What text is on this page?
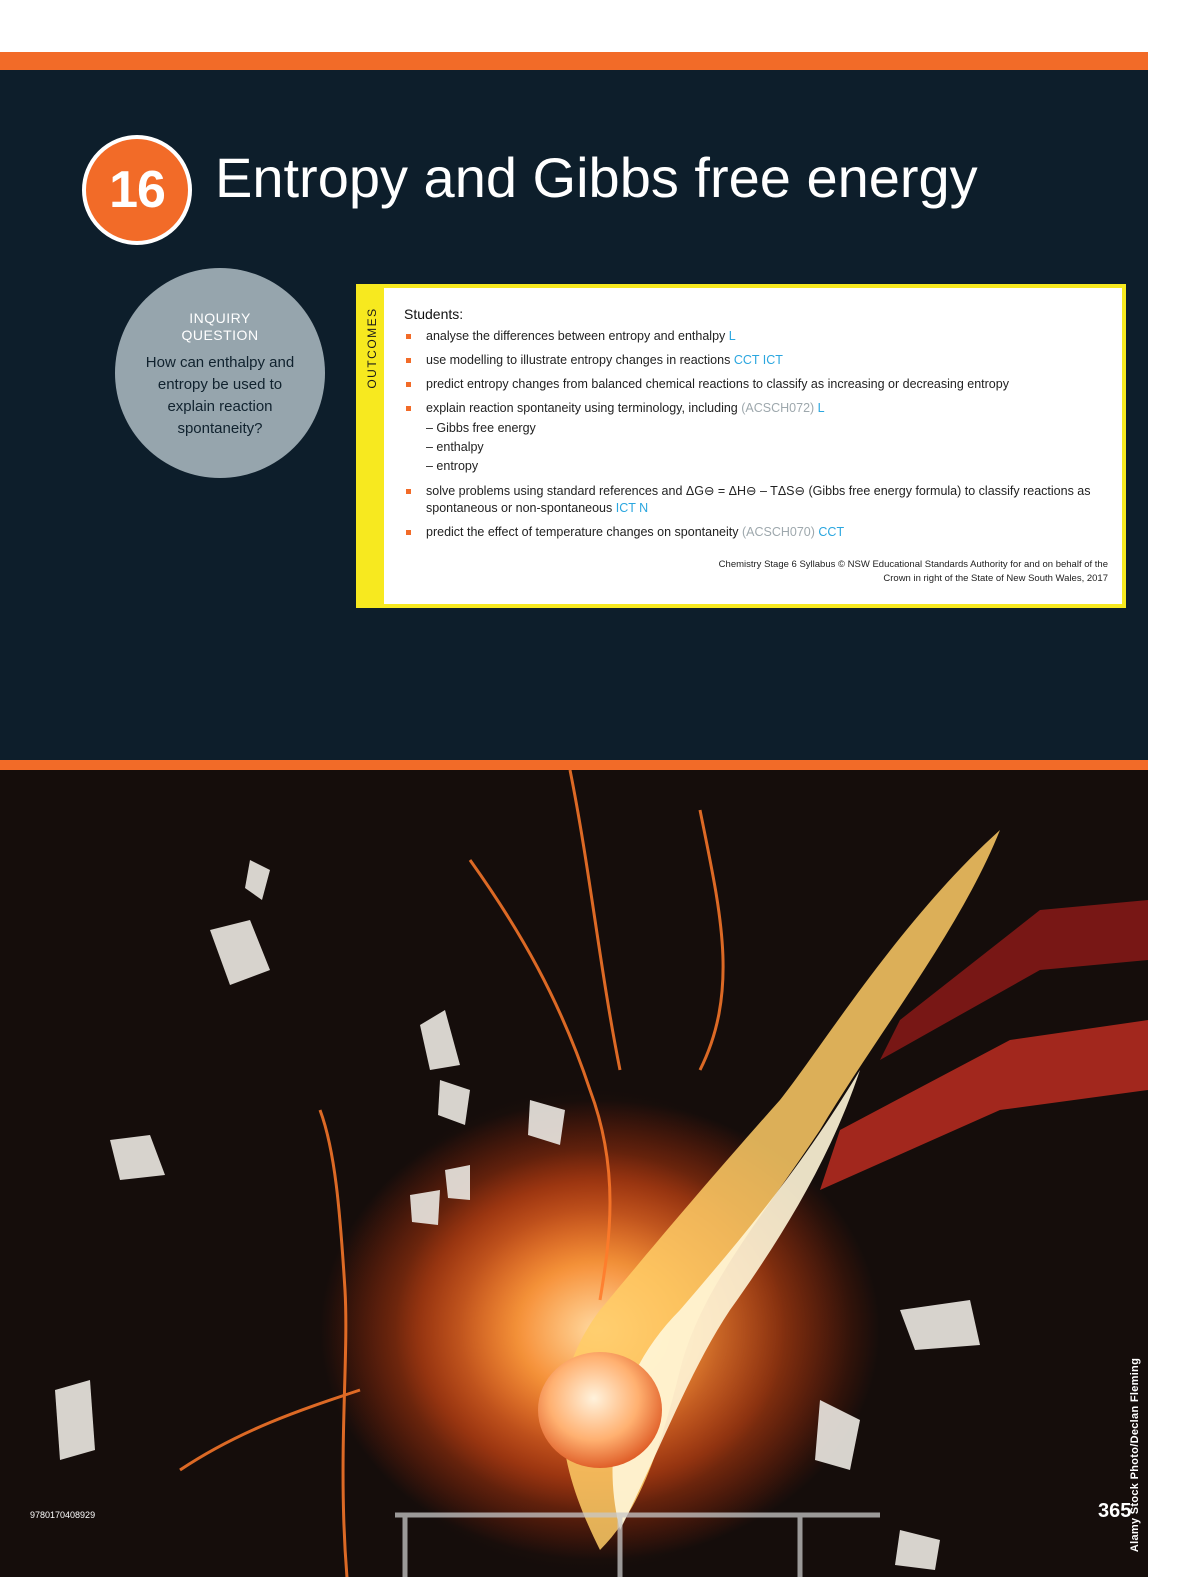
16 Entropy and Gibbs free energy
INQUIRY
QUESTION
How can enthalpy and entropy be used to explain reaction spontaneity?
OUTCOMES Students:
analyse the differences between entropy and enthalpy L
use modelling to illustrate entropy changes in reactions CCT ICT
predict entropy changes from balanced chemical reactions to classify as increasing or decreasing entropy
explain reaction spontaneity using terminology, including (ACSCH072) L
– Gibbs free energy
– enthalpy
– entropy
solve problems using standard references and ΔG⊖ = ΔH⊖ – TΔS⊖ (Gibbs free energy formula) to classify reactions as spontaneous or non-spontaneous ICT N
predict the effect of temperature changes on spontaneity (ACSCH070) CCT
Chemistry Stage 6 Syllabus © NSW Educational Standards Authority for and on behalf of the
Crown in right of the State of New South Wales, 2017
Alamy Stock Photo/Declan Fleming
9780170408929	365
